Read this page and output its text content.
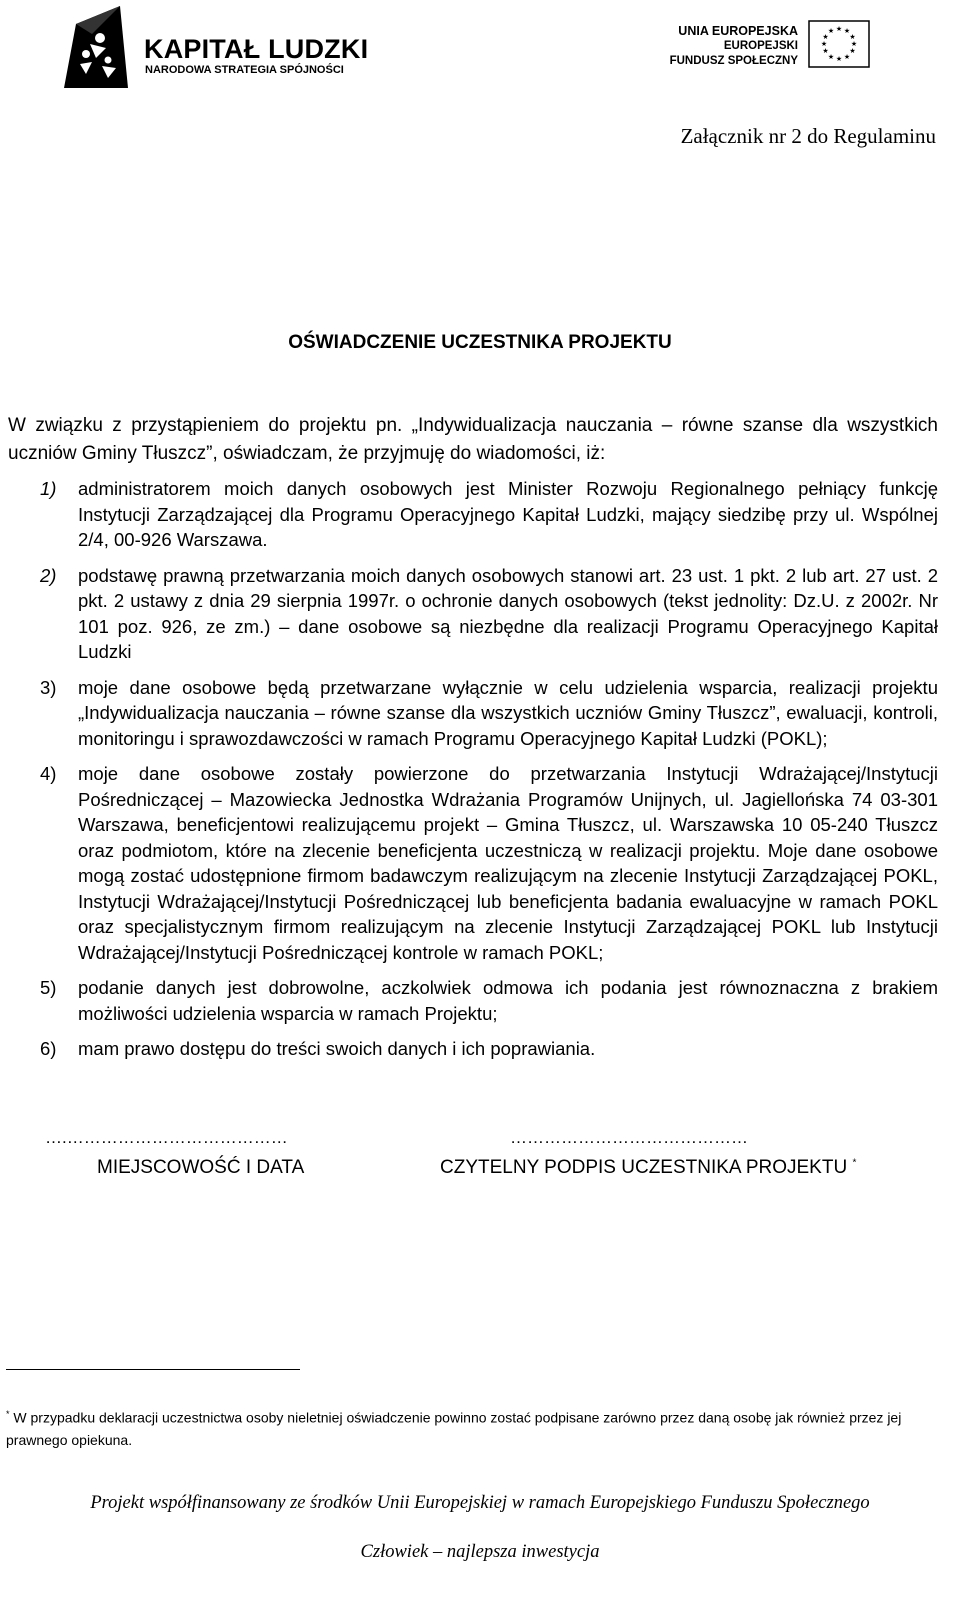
KAPITAŁ LUDZKI
NARODOWA STRATEGIA SPÓJNOŚCI
UNIA EUROPEJSKA
EUROPEJSKI
FUNDUSZ SPOŁECZNY
★ ★
★
★
★
★
★
★
★
★
★
★
Załącznik nr 2 do Regulaminu
OŚWIADCZENIE UCZESTNIKA PROJEKTU
W związku z przystąpieniem do projektu pn. „Indywidualizacja nauczania – równe szanse dla wszystkich uczniów Gminy Tłuszcz”, oświadczam, że przyjmuję do wiadomości, iż:
1) administratorem moich danych osobowych jest Minister Rozwoju Regionalnego pełniący funkcję Instytucji Zarządzającej dla Programu Operacyjnego Kapitał Ludzki, mający siedzibę przy ul. Wspólnej 2/4, 00-926 Warszawa.
2) podstawę prawną przetwarzania moich danych osobowych stanowi art. 23 ust. 1 pkt. 2 lub art. 27 ust. 2 pkt. 2 ustawy z dnia 29 sierpnia 1997r. o ochronie danych osobowych (tekst jednolity: Dz.U. z 2002r. Nr 101 poz. 926, ze zm.) – dane osobowe są niezbędne dla realizacji Programu Operacyjnego Kapitał Ludzki
3) moje dane osobowe będą przetwarzane wyłącznie w celu udzielenia wsparcia, realizacji projektu „Indywidualizacja nauczania – równe szanse dla wszystkich uczniów Gminy Tłuszcz”, ewaluacji, kontroli, monitoringu i sprawozdawczości w ramach Programu Operacyjnego Kapitał Ludzki (POKL);
4) moje dane osobowe zostały powierzone do przetwarzania Instytucji Wdrażającej/Instytucji Pośredniczącej – Mazowiecka Jednostka Wdrażania Programów Unijnych, ul. Jagiellońska 74 03-301 Warszawa, beneficjentowi realizującemu projekt – Gmina Tłuszcz, ul. Warszawska 10 05-240 Tłuszcz oraz podmiotom, które na zlecenie beneficjenta uczestniczą w realizacji projektu. Moje dane osobowe mogą zostać udostępnione firmom badawczym realizującym na zlecenie Instytucji Zarządzającej POKL, Instytucji Wdrażającej/Instytucji Pośredniczącej lub beneficjenta badania ewaluacyjne w ramach POKL oraz specjalistycznym firmom realizującym na zlecenie Instytucji Zarządzającej POKL lub Instytucji Wdrażającej/Instytucji Pośredniczącej kontrole w ramach POKL;
5) podanie danych jest dobrowolne, aczkolwiek odmowa ich podania jest równoznaczna z brakiem możliwości udzielenia wsparcia w ramach Projektu;
6) mam prawo dostępu do treści swoich danych i ich poprawiania.
….…………………………………	……………………………………
MIEJSCOWOŚĆ I DATA	CZYTELNY PODPIS UCZESTNIKA PROJEKTU *
* W przypadku deklaracji uczestnictwa osoby nieletniej oświadczenie powinno zostać podpisane zarówno przez daną osobę jak również przez jej prawnego opiekuna.
Projekt współfinansowany ze środków Unii Europejskiej w ramach Europejskiego Funduszu Społecznego
Człowiek – najlepsza inwestycja
